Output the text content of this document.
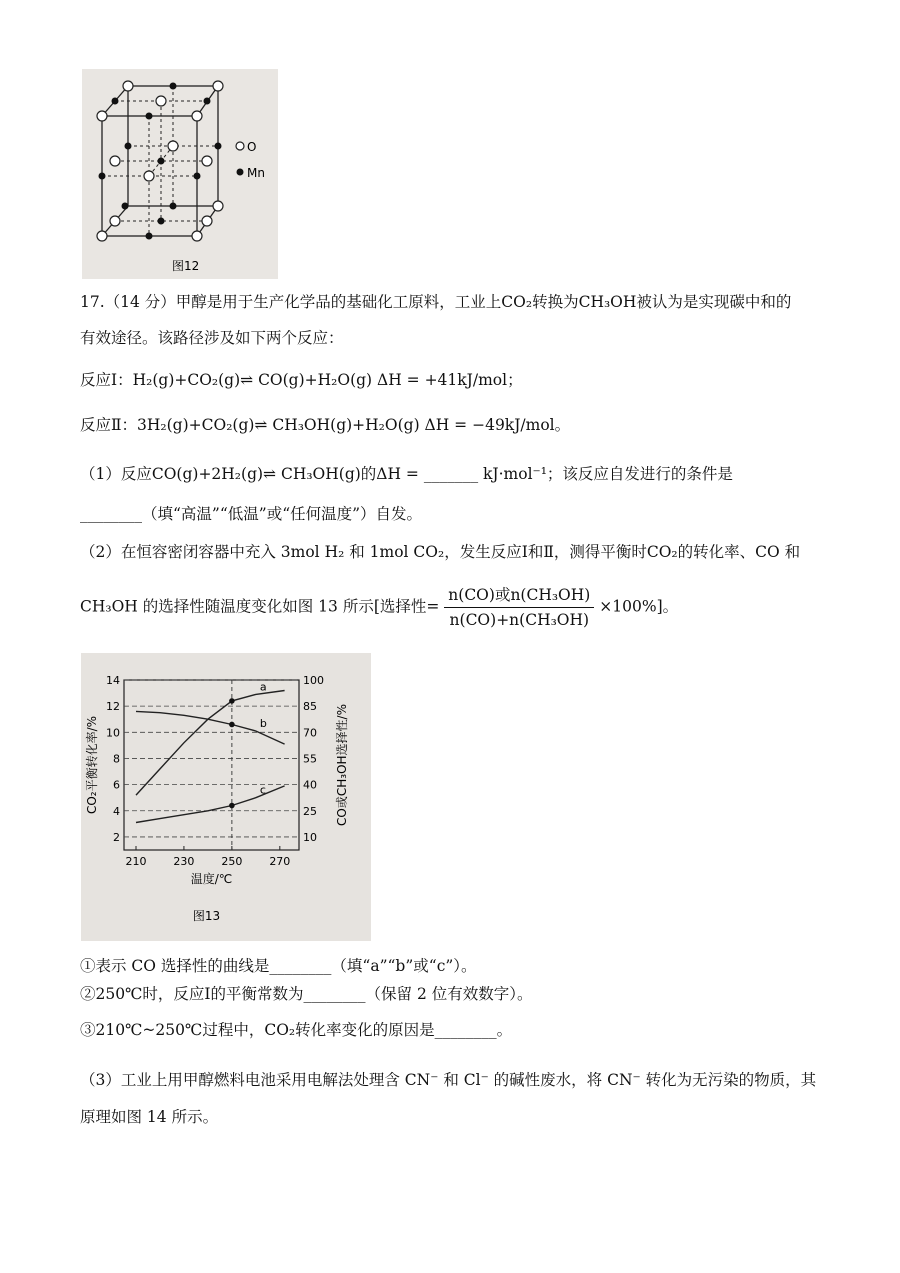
O
Mn
图12
17.（14 分）甲醇是用于生产化学品的基础化工原料，工业上CO₂转换为CH₃OH被认为是实现碳中和的
有效途径。该路径涉及如下两个反应：
反应Ⅰ：H₂(g)+CO₂(g)⇌ CO(g)+H₂O(g) ΔH = +41kJ/mol；
反应Ⅱ：3H₂(g)+CO₂(g)⇌ CH₃OH(g)+H₂O(g) ΔH = −49kJ/mol。
（1）反应CO(g)+2H₂(g)⇌ CH₃OH(g)的ΔH = _______ kJ·mol⁻¹；该反应自发进行的条件是
________（填“高温”“低温”或“任何温度”）自发。
（2）在恒容密闭容器中充入 3mol H₂ 和 1mol CO₂，发生反应Ⅰ和Ⅱ，测得平衡时CO₂的转化率、CO 和
CH₃OH 的选择性随温度变化如图 13 所示[选择性= $\frac{\text{n(CO)或n(CH₃OH)}}{\text{n(CO)+n(CH₃OH)}} \times 100\%$]。
2	10
4	25
6	40
8	55
10	70
12	85
14	100
210 230 250 270
a
b
c
温度/℃
CO₂平衡转化率/%	CO或CH₃OH选择性/%
图13
①表示 CO 选择性的曲线是________（填“a”“b”或“c”）。
②250℃时，反应Ⅰ的平衡常数为________（保留 2 位有效数字）。
③210℃~250℃过程中，CO₂转化率变化的原因是________。
（3）工业上用甲醇燃料电池采用电解法处理含 CN⁻ 和 Cl⁻ 的碱性废水，将 CN⁻ 转化为无污染的物质，其
原理如图 14 所示。
